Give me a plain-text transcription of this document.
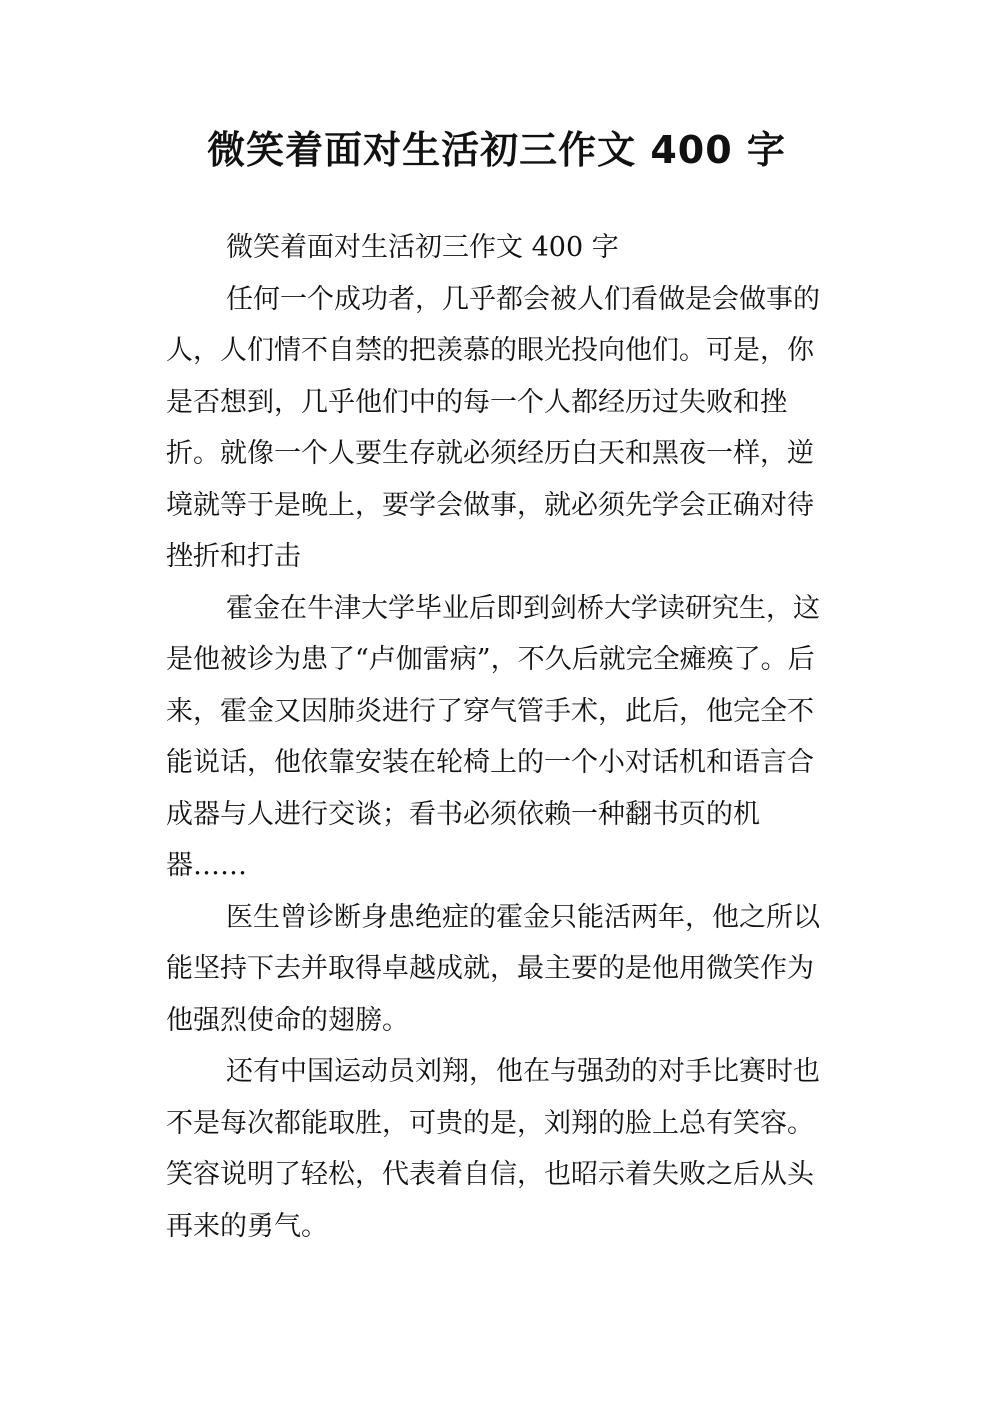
微笑着面对生活初三作文 400 字

微笑着面对生活初三作文 400 字

任何一个成功者，几乎都会被人们看做是会做事的人，人们情不自禁的把羡慕的眼光投向他们。可是，你是否想到，几乎他们中的每一个人都经历过失败和挫折。就像一个人要生存就必须经历白天和黑夜一样，逆境就等于是晚上，要学会做事，就必须先学会正确对待挫折和打击

霍金在牛津大学毕业后即到剑桥大学读研究生，这是他被诊为患了“卢伽雷病”，不久后就完全瘫痪了。后来，霍金又因肺炎进行了穿气管手术，此后，他完全不能说话，他依靠安装在轮椅上的一个小对话机和语言合成器与人进行交谈；看书必须依赖一种翻书页的机器……

医生曾诊断身患绝症的霍金只能活两年，他之所以能坚持下去并取得卓越成就，最主要的是他用微笑作为他强烈使命的翅膀。

还有中国运动员刘翔，他在与强劲的对手比赛时也不是每次都能取胜，可贵的是，刘翔的脸上总有笑容。笑容说明了轻松，代表着自信，也昭示着失败之后从头再来的勇气。
